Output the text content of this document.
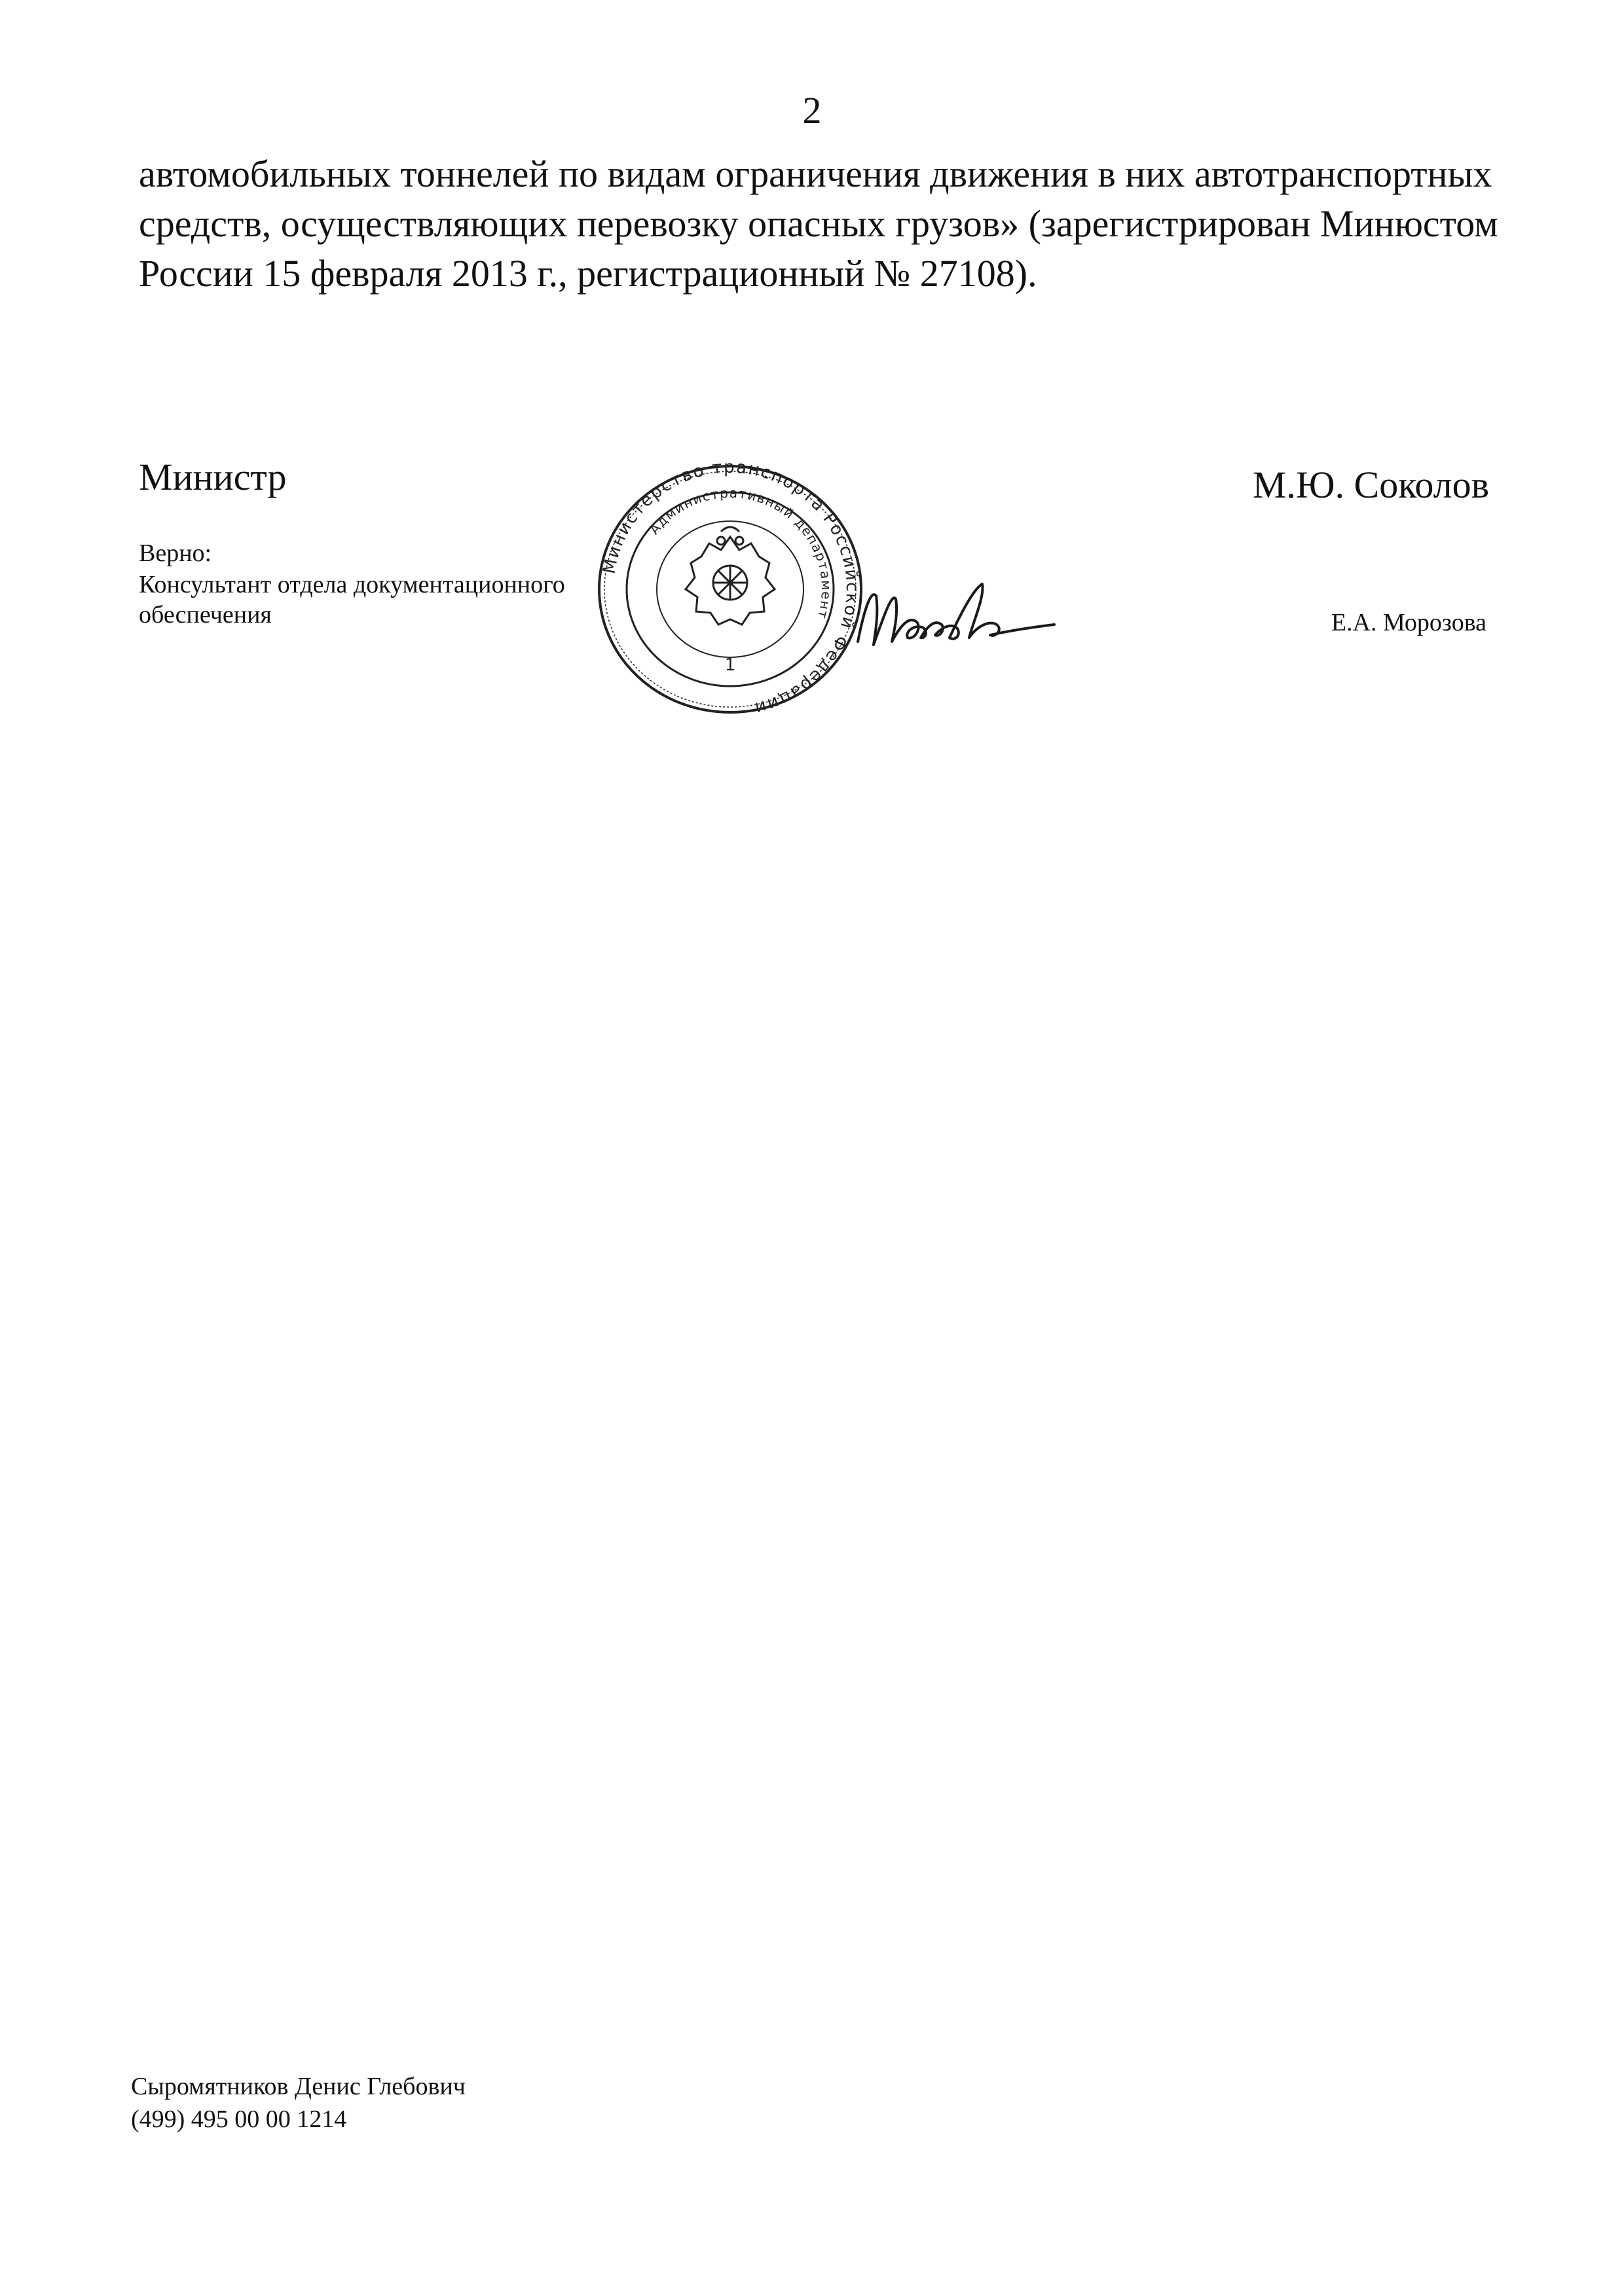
2
автомобильных тоннелей по видам ограничения движения в них автотранспортных
средств, осуществляющих перевозку опасных грузов» (зарегистрирован Минюстом
России 15 февраля 2013 г., регистрационный № 27108).
Министр	М.Ю. Соколов
Верно:
Консультант отдела документационного
обеспечения	Е.А. Морозова
Министерство транспорта Российской Федерации
Административный департамент
1
Сыромятников Денис Глебович
(499) 495 00 00 1214
